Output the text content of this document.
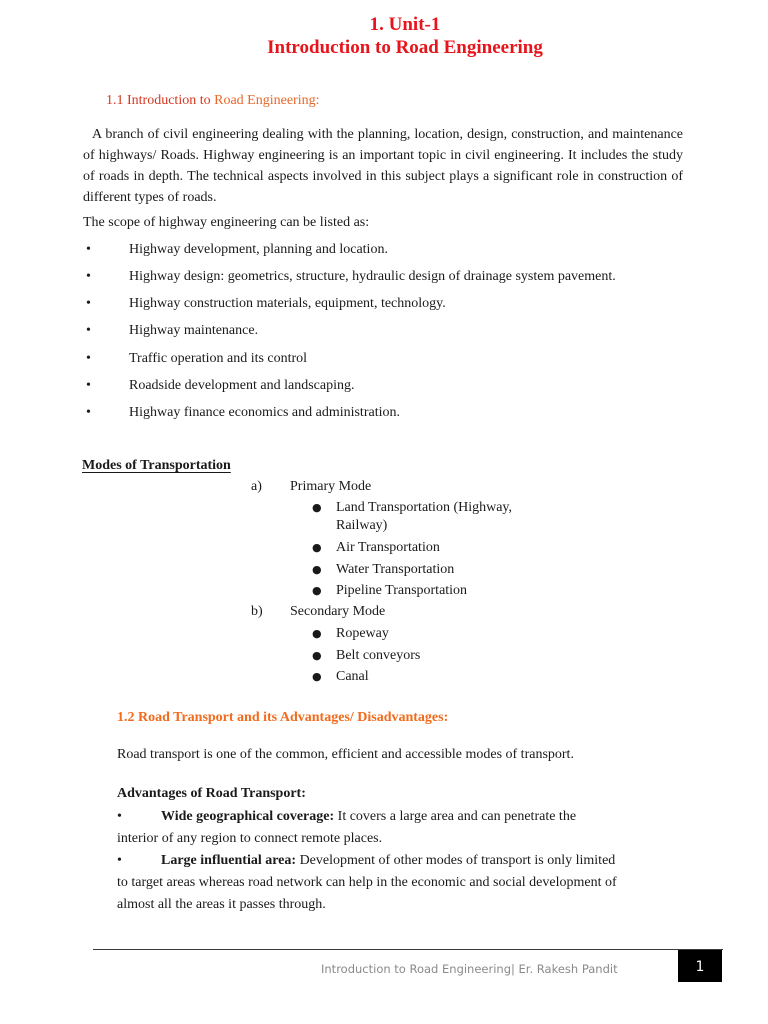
1. Unit-1
Introduction to Road Engineering
1.1 Introduction to Road Engineering:
A branch of civil engineering dealing with the planning, location, design, construction, and maintenance of highways/ Roads. Highway engineering is an important topic in civil engineering. It includes the study of roads in depth. The technical aspects involved in this subject plays a significant role in construction of different types of roads.
The scope of highway engineering can be listed as:
•	Highway development, planning and location.
•	Highway design: geometrics, structure, hydraulic design of drainage system pavement.
•	Highway construction materials, equipment, technology.
•	Highway maintenance.
•	Traffic operation and its control
•	Roadside development and landscaping.
•	Highway finance economics and administration.
Modes of Transportation
a) Primary Mode
● Land Transportation (Highway, Railway)
● Air Transportation
● Water Transportation
● Pipeline Transportation
b) Secondary Mode
● Ropeway
● Belt conveyors
● Canal
1.2 Road Transport and its Advantages/ Disadvantages:
Road transport is one of the common, efficient and accessible modes of transport.
Advantages of Road Transport:
•	Wide geographical coverage: It covers a large area and can penetrate the interior of any region to connect remote places.
•	Large influential area: Development of other modes of transport is only limited to target areas whereas road network can help in the economic and social development of almost all the areas it passes through.
Introduction to Road Engineering| Er. Rakesh Pandit	1
